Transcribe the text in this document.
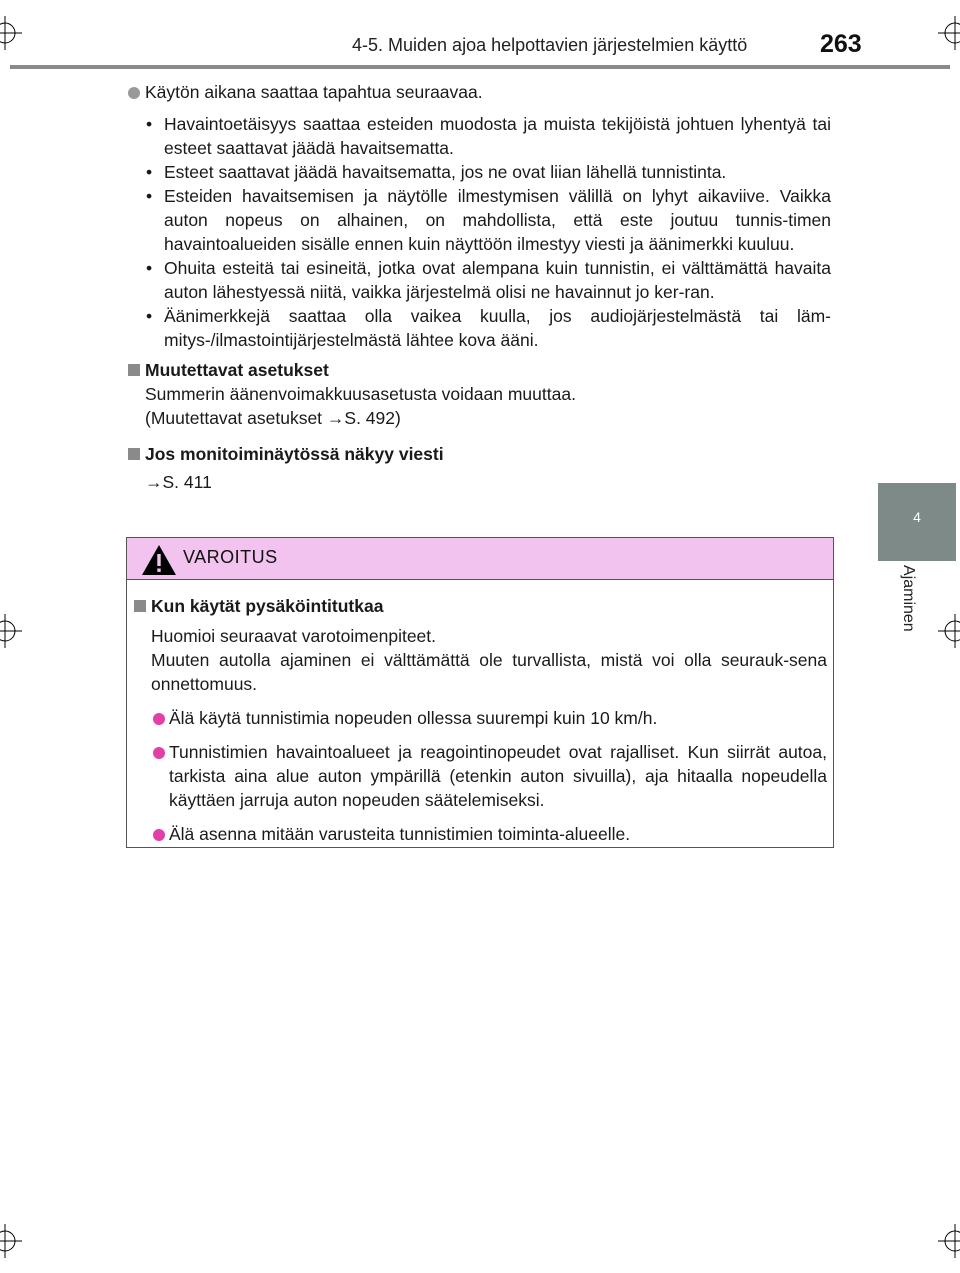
4-5. Muiden ajoa helpottavien järjestelmien käyttö	263
4
Ajaminen
Käytön aikana saattaa tapahtua seuraavaa.
• Havaintoetäisyys saattaa esteiden muodosta ja muista tekijöistä johtuen lyhentyä tai esteet saattavat jäädä havaitsematta.
• Esteet saattavat jäädä havaitsematta, jos ne ovat liian lähellä tunnistinta.
• Esteiden havaitsemisen ja näytölle ilmestymisen välillä on lyhyt aikaviive. Vaikka auton nopeus on alhainen, on mahdollista, että este joutuu tunnis-timen havaintoalueiden sisälle ennen kuin näyttöön ilmestyy viesti ja äänimerkki kuuluu.
• Ohuita esteitä tai esineitä, jotka ovat alempana kuin tunnistin, ei välttämättä havaita auton lähestyessä niitä, vaikka järjestelmä olisi ne havainnut jo ker-ran.
• Äänimerkkejä saattaa olla vaikea kuulla, jos audiojärjestelmästä tai läm-mitys-/ilmastointijärjestelmästä lähtee kova ääni.
Muutettavat asetukset
Summerin äänenvoimakkuusasetusta voidaan muuttaa.
(Muutettavat asetukset →S. 492)
Jos monitoiminäytössä näkyy viesti
→S. 411
VAROITUS
Kun käytät pysäköintitutkaa
Huomioi seuraavat varotoimenpiteet.
Muuten autolla ajaminen ei välttämättä ole turvallista, mistä voi olla seurauk-sena onnettomuus.
Älä käytä tunnistimia nopeuden ollessa suurempi kuin 10 km/h.
Tunnistimien havaintoalueet ja reagointinopeudet ovat rajalliset. Kun siirrät autoa, tarkista aina alue auton ympärillä (etenkin auton sivuilla), aja hitaalla nopeudella käyttäen jarruja auton nopeuden säätelemiseksi.
Älä asenna mitään varusteita tunnistimien toiminta-alueelle.
